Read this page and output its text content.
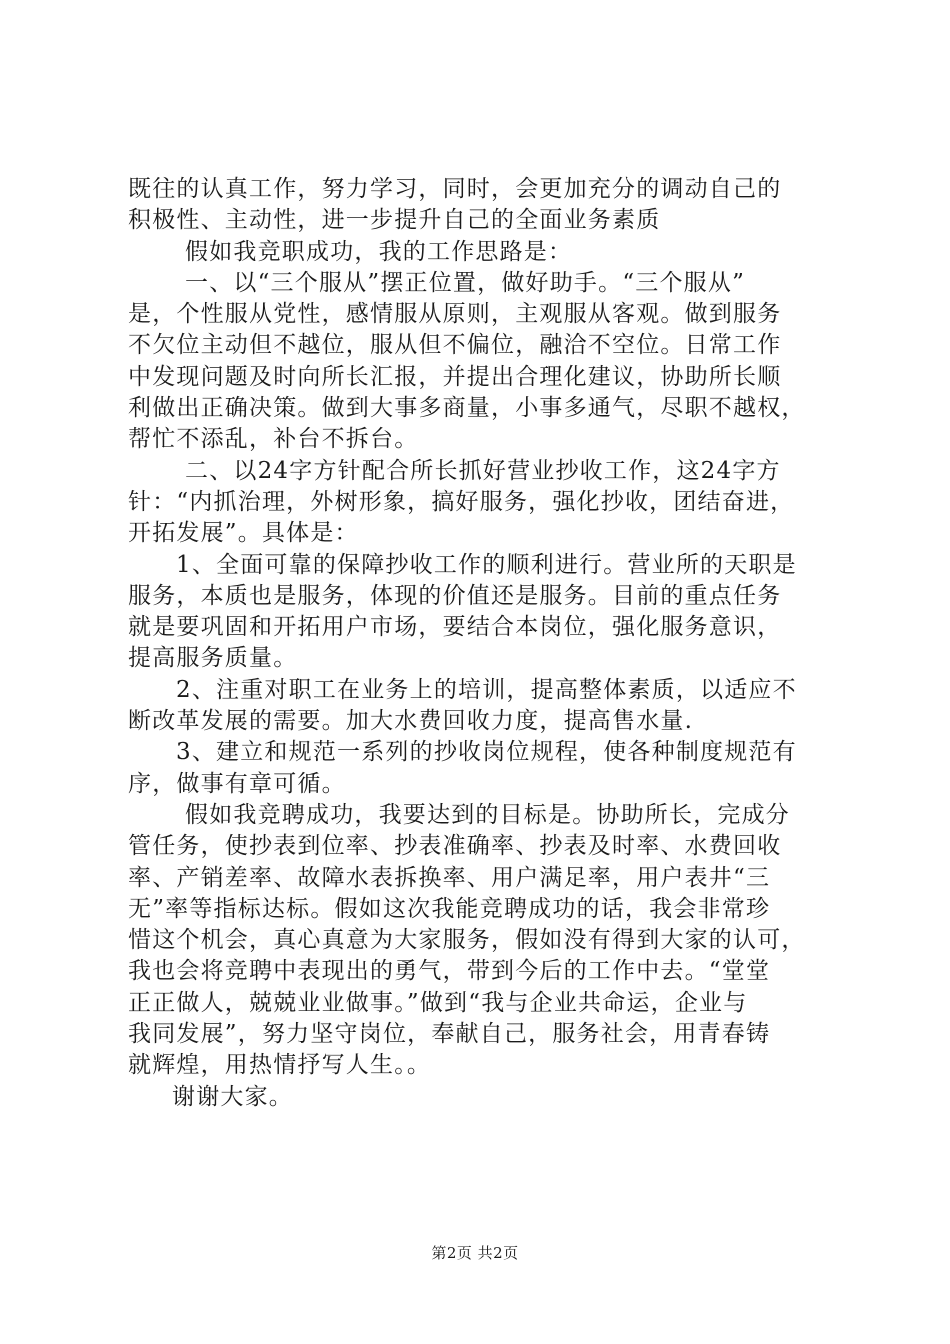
既往的认真工作，努力学习，同时，会更加充分的调动自己的
积极性、主动性，进一步提升自己的全面业务素质
假如我竞职成功，我的工作思路是：
一、以“三个服从”摆正位置，做好助手。“三个服从”
是，个性服从党性，感情服从原则，主观服从客观。做到服务
不欠位主动但不越位，服从但不偏位，融洽不空位。日常工作
中发现问题及时向所长汇报，并提出合理化建议，协助所长顺
利做出正确决策。做到大事多商量，小事多通气，尽职不越权，
帮忙不添乱，补台不拆台。
二、以24字方针配合所长抓好营业抄收工作，这24字方
针：“内抓治理，外树形象，搞好服务，强化抄收，团结奋进，
开拓发展”。具体是：
1、全面可靠的保障抄收工作的顺利进行。营业所的天职是
服务，本质也是服务，体现的价值还是服务。目前的重点任务
就是要巩固和开拓用户市场，要结合本岗位，强化服务意识，
提高服务质量。
2、注重对职工在业务上的培训，提高整体素质，以适应不
断改革发展的需要。加大水费回收力度，提高售水量.
3、建立和规范一系列的抄收岗位规程，使各种制度规范有
序，做事有章可循。
假如我竞聘成功，我要达到的目标是。协助所长，完成分
管任务，使抄表到位率、抄表准确率、抄表及时率、水费回收
率、产销差率、故障水表拆换率、用户满足率，用户表井“三
无”率等指标达标。假如这次我能竞聘成功的话，我会非常珍
惜这个机会，真心真意为大家服务，假如没有得到大家的认可，
我也会将竞聘中表现出的勇气，带到今后的工作中去。“堂堂
正正做人，兢兢业业做事。”做到“我与企业共命运，企业与
我同发展”，努力坚守岗位，奉献自己，服务社会，用青春铸
就辉煌，用热情抒写人生。。
谢谢大家。
第2页 共2页
